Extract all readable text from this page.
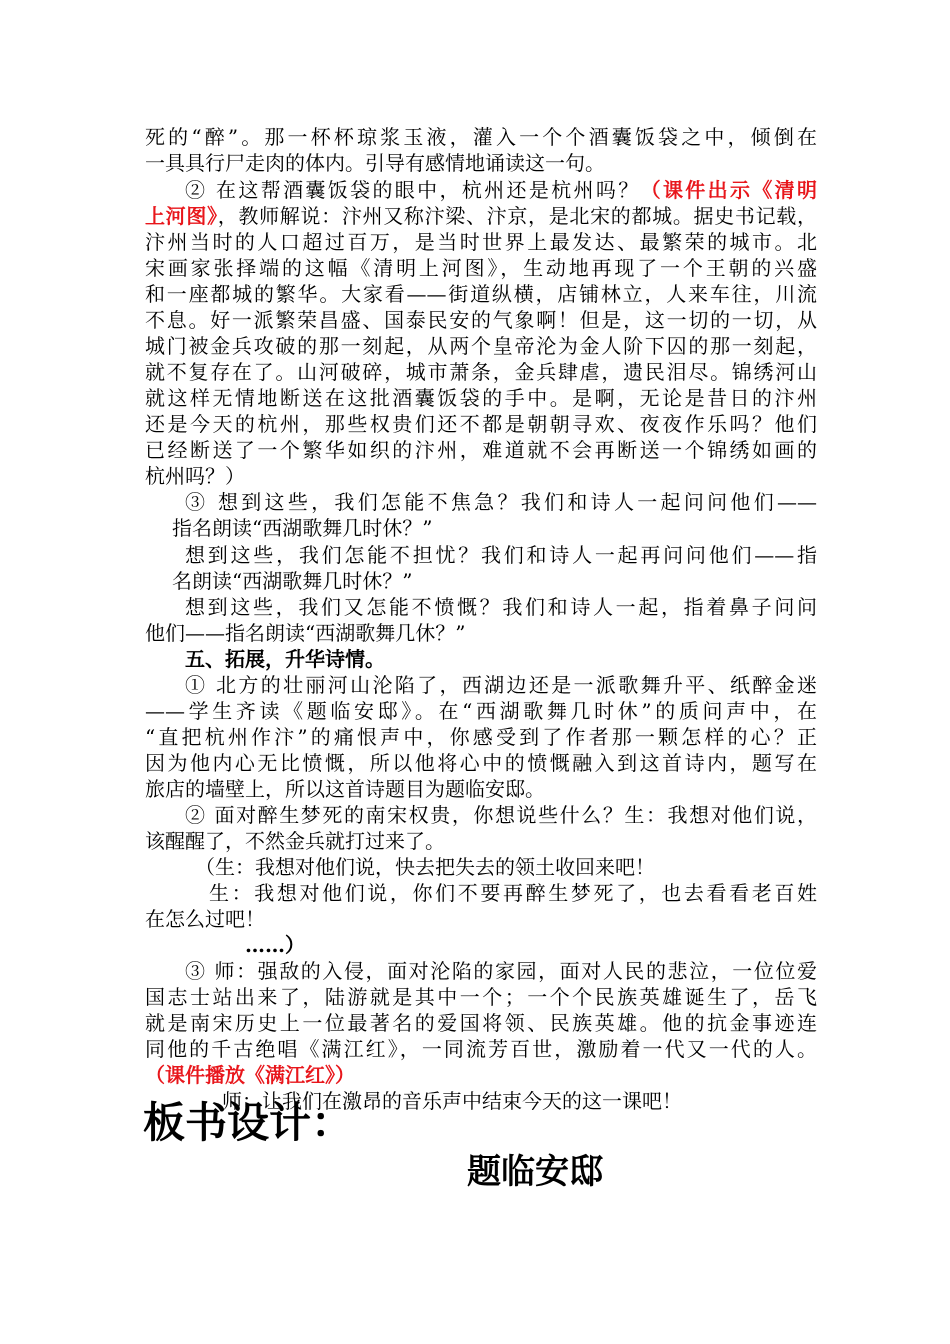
死的“醉”。那一杯杯琼浆玉液，灌入一个个酒囊饭袋之中，倾倒在
一具具行尸走肉的体内。引导有感情地诵读这一句。
② 在这帮酒囊饭袋的眼中，杭州还是杭州吗？（课件出示《清明
上河图》，教师解说：汴州又称汴梁、汴京，是北宋的都城。据史书记载，
汴州当时的人口超过百万，是当时世界上最发达、最繁荣的城市。北
宋画家张择端的这幅《清明上河图》，生动地再现了一个王朝的兴盛
和一座都城的繁华。大家看——街道纵横，店铺林立，人来车往，川流
不息。好一派繁荣昌盛、国泰民安的气象啊！但是，这一切的一切，从
城门被金兵攻破的那一刻起，从两个皇帝沦为金人阶下囚的那一刻起，
就不复存在了。山河破碎，城市萧条，金兵肆虐，遗民泪尽。锦绣河山
就这样无情地断送在这批酒囊饭袋的手中。是啊，无论是昔日的汴州
还是今天的杭州，那些权贵们还不都是朝朝寻欢、夜夜作乐吗？他们
已经断送了一个繁华如织的汴州，难道就不会再断送一个锦绣如画的
杭州吗？）
③ 想到这些，我们怎能不焦急？我们和诗人一起问问他们——
指名朗读“西湖歌舞几时休？”
想到这些，我们怎能不担忧？我们和诗人一起再问问他们——指
名朗读“西湖歌舞几时休？”
想到这些，我们又怎能不愤慨？我们和诗人一起，指着鼻子问问
他们——指名朗读“西湖歌舞几休？”
五、拓展，升华诗情。
① 北方的壮丽河山沦陷了，西湖边还是一派歌舞升平、纸醉金迷
——学生齐读《题临安邸》。在“西湖歌舞几时休”的质问声中，在
“直把杭州作汴”的痛恨声中，你感受到了作者那一颗怎样的心？正
因为他内心无比愤慨，所以他将心中的愤慨融入到这首诗内，题写在
旅店的墙壁上，所以这首诗题目为题临安邸。
② 面对醉生梦死的南宋权贵，你想说些什么？生：我想对他们说，
该醒醒了，不然金兵就打过来了。
（生：我想对他们说，快去把失去的领土收回来吧！
生：我想对他们说，你们不要再醉生梦死了，也去看看老百姓
在怎么过吧！
……）
③ 师：强敌的入侵，面对沦陷的家园，面对人民的悲泣，一位位爱
国志士站出来了，陆游就是其中一个；一个个民族英雄诞生了，岳飞
就是南宋历史上一位最著名的爱国将领、民族英雄。他的抗金事迹连
同他的千古绝唱《满江红》，一同流芳百世，激励着一代又一代的人。
（课件播放《满江红》）
师：让我们在激昂的音乐声中结束今天的这一课吧！
板书设计：
题临安邸
